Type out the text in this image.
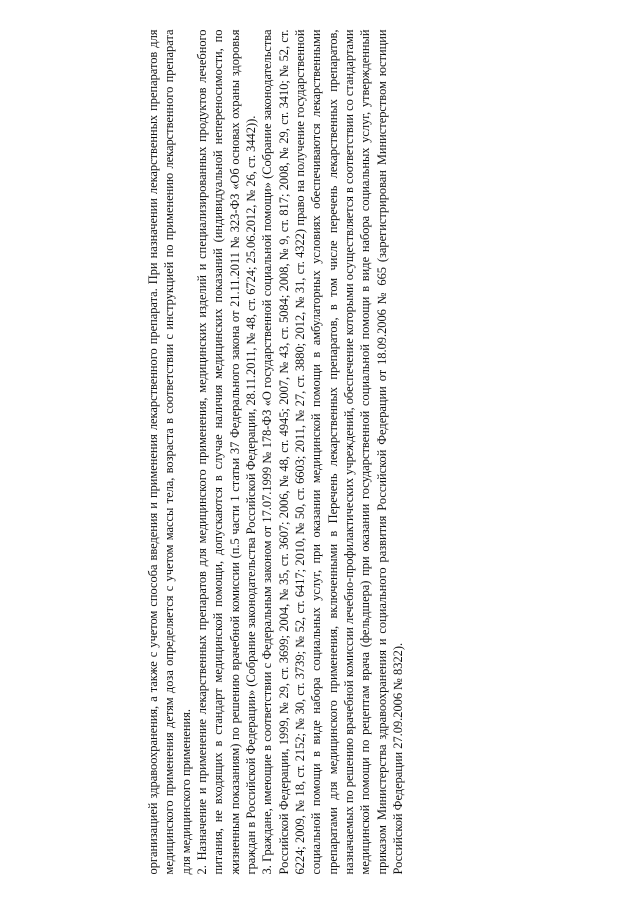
организацией здравоохранения, а также с учетом способа введения и применения лекарственного препарата. При назначении лекарственных препаратов для медицинского применения детям доза определяется с учетом массы тела, возраста в соответствии с инструкцией по применению лекарственного препарата для медицинского применения. 2. Назначение и применение лекарственных препаратов для медицинского применения, медицинских изделий и специализированных продуктов лечебного питания, не входящих в стандарт медицинской помощи, допускаются в случае наличия медицинских показаний (индивидуальной непереносимости, по жизненным показаниям) по решению врачебной комиссии (п.5 части 1 статьи 37 Федерального закона от 21.11.2011 № 323-ФЗ «Об основах охраны здоровья граждан в Российской Федерации» (Собрание законодательства Российской Федерации, 28.11.2011, № 48, ст. 6724; 25.06.2012, № 26, ст. 3442)). 3. Граждане, имеющие в соответствии с Федеральным законом от 17.07.1999 № 178-ФЗ «О государственной социальной помощи» (Собрание законодательства Российской Федерации, 1999, № 29, ст. 3699; 2004, № 35, ст. 3607; 2006, № 48, ст. 4945; 2007, № 43, ст. 5084; 2008, № 9, ст. 817; 2008, № 29, ст. 3410; № 52, ст. 6224; 2009, № 18, ст. 2152; № 30, ст. 3739; № 52, ст. 6417; 2010, № 50, ст. 6603; 2011, № 27, ст. 3880; 2012, № 31, ст. 4322) право на получение государственной социальной помощи в виде набора социальных услуг, при оказании медицинской помощи в амбулаторных условиях обеспечиваются лекарственными препаратами для медицинского применения, включенными в Перечень лекарственных препаратов, в том числе перечень лекарственных препаратов, назначаемых по решению врачебной комиссии лечебно-профилактических учреждений, обеспечение которыми осуществляется в соответствии со стандартами медицинской помощи по рецептам врача (фельдшера) при оказании государственной социальной помощи в виде набора социальных услуг, утвержденный приказом Министерства здравоохранения и социального развития Российской Федерации от 18.09.2006 № 665 (зарегистрирован Министерством юстиции Российской Федерации 27.09.2006 № 8322).
